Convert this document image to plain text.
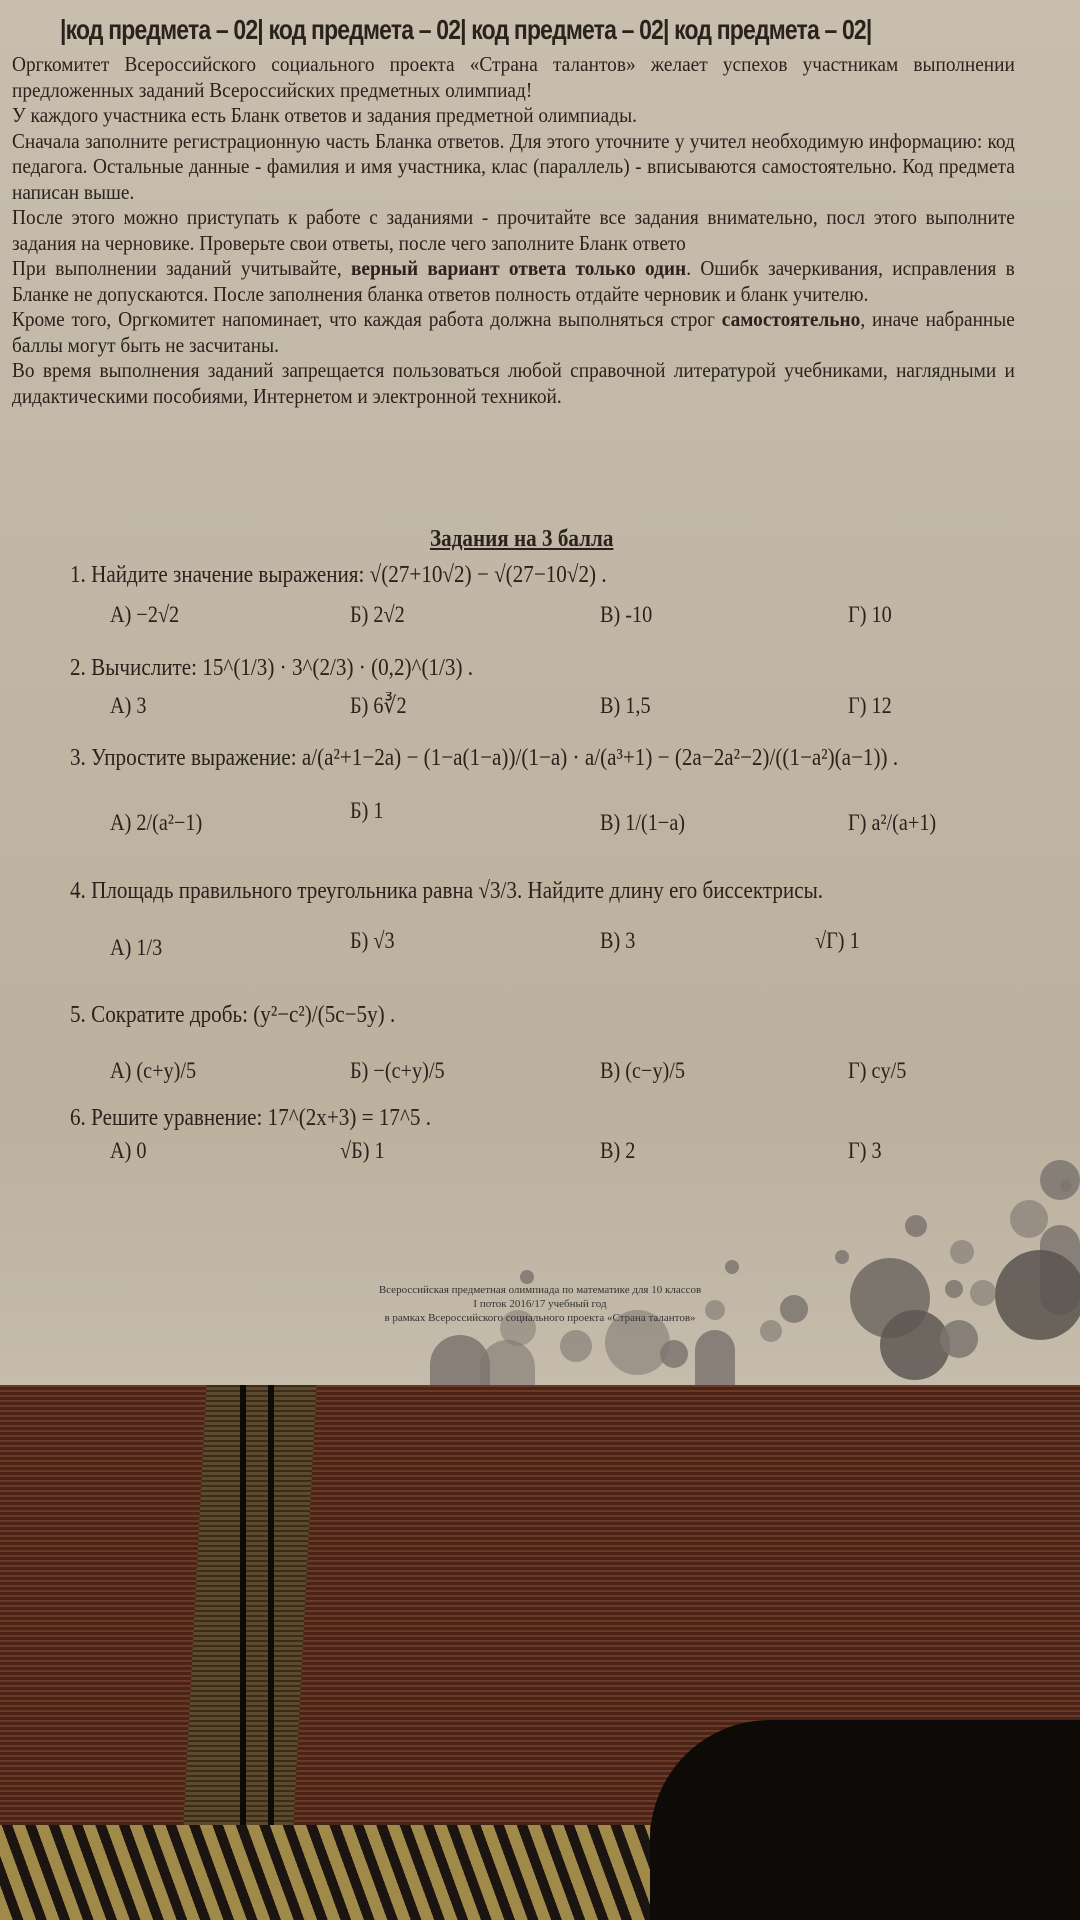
|код предмета – 02| код предмета – 02| код предмета – 02| код предмета – 02|

Оргкомитет Всероссийского социального проекта «Страна талантов» желает успехов участникам выполнении предложенных заданий Всероссийских предметных олимпиад!

У каждого участника есть Бланк ответов и задания предметной олимпиады.

Сначала заполните регистрационную часть Бланка ответов. Для этого уточните у учител необходимую информацию: код педагога. Остальные данные - фамилия и имя участника, клас (параллель) - вписываются самостоятельно. Код предмета написан выше.

После этого можно приступать к работе с заданиями - прочитайте все задания внимательно, посл этого выполните задания на черновике. Проверьте свои ответы, после чего заполните Бланк ответо

При выполнении заданий учитывайте, верный вариант ответа только один. Ошибк зачеркивания, исправления в Бланке не допускаются. После заполнения бланка ответов полность отдайте черновик и бланк учителю.

Кроме того, Оргкомитет напоминает, что каждая работа должна выполняться строг самостоятельно, иначе набранные баллы могут быть не засчитаны.

Во время выполнения заданий запрещается пользоваться любой справочной литературой учебниками, наглядными и дидактическими пособиями, Интернетом и электронной техникой.

Задания на 3 балла
1. Найдите значение выражения: √(27+10√2) − √(27−10√2) .
А) −2√2	Б) 2√2	В) -10	Г) 10
2. Вычислите: 15^(1/3) · 3^(2/3) · (0,2)^(1/3) .
А) 3	Б) 6∛2	В) 1,5	Г) 12
3. Упростите выражение: a/(a²+1−2a) − (1−a(1−a))/(1−a) · a/(a³+1) − (2a−2a²−2)/((1−a²)(a−1)) .
А) 2/(a²−1)	Б) 1	В) 1/(1−a)	Г) a²/(a+1)
4. Площадь правильного треугольника равна √3/3. Найдите длину его биссектрисы.
А) 1/3	Б) √3	В) 3	√Г) 1
5. Сократите дробь: (y²−c²)/(5c−5y) .
А) (c+y)/5	Б) −(c+y)/5	В) (c−y)/5	Г) cy/5
6. Решите уравнение: 17^(2x+3) = 17^5 .
А) 0	√Б) 1	В) 2	Г) 3
Всероссийская предметная олимпиада по математике для 10 классов
I поток 2016/17 учебный год
в рамках Всероссийского социального проекта «Страна талантов»
